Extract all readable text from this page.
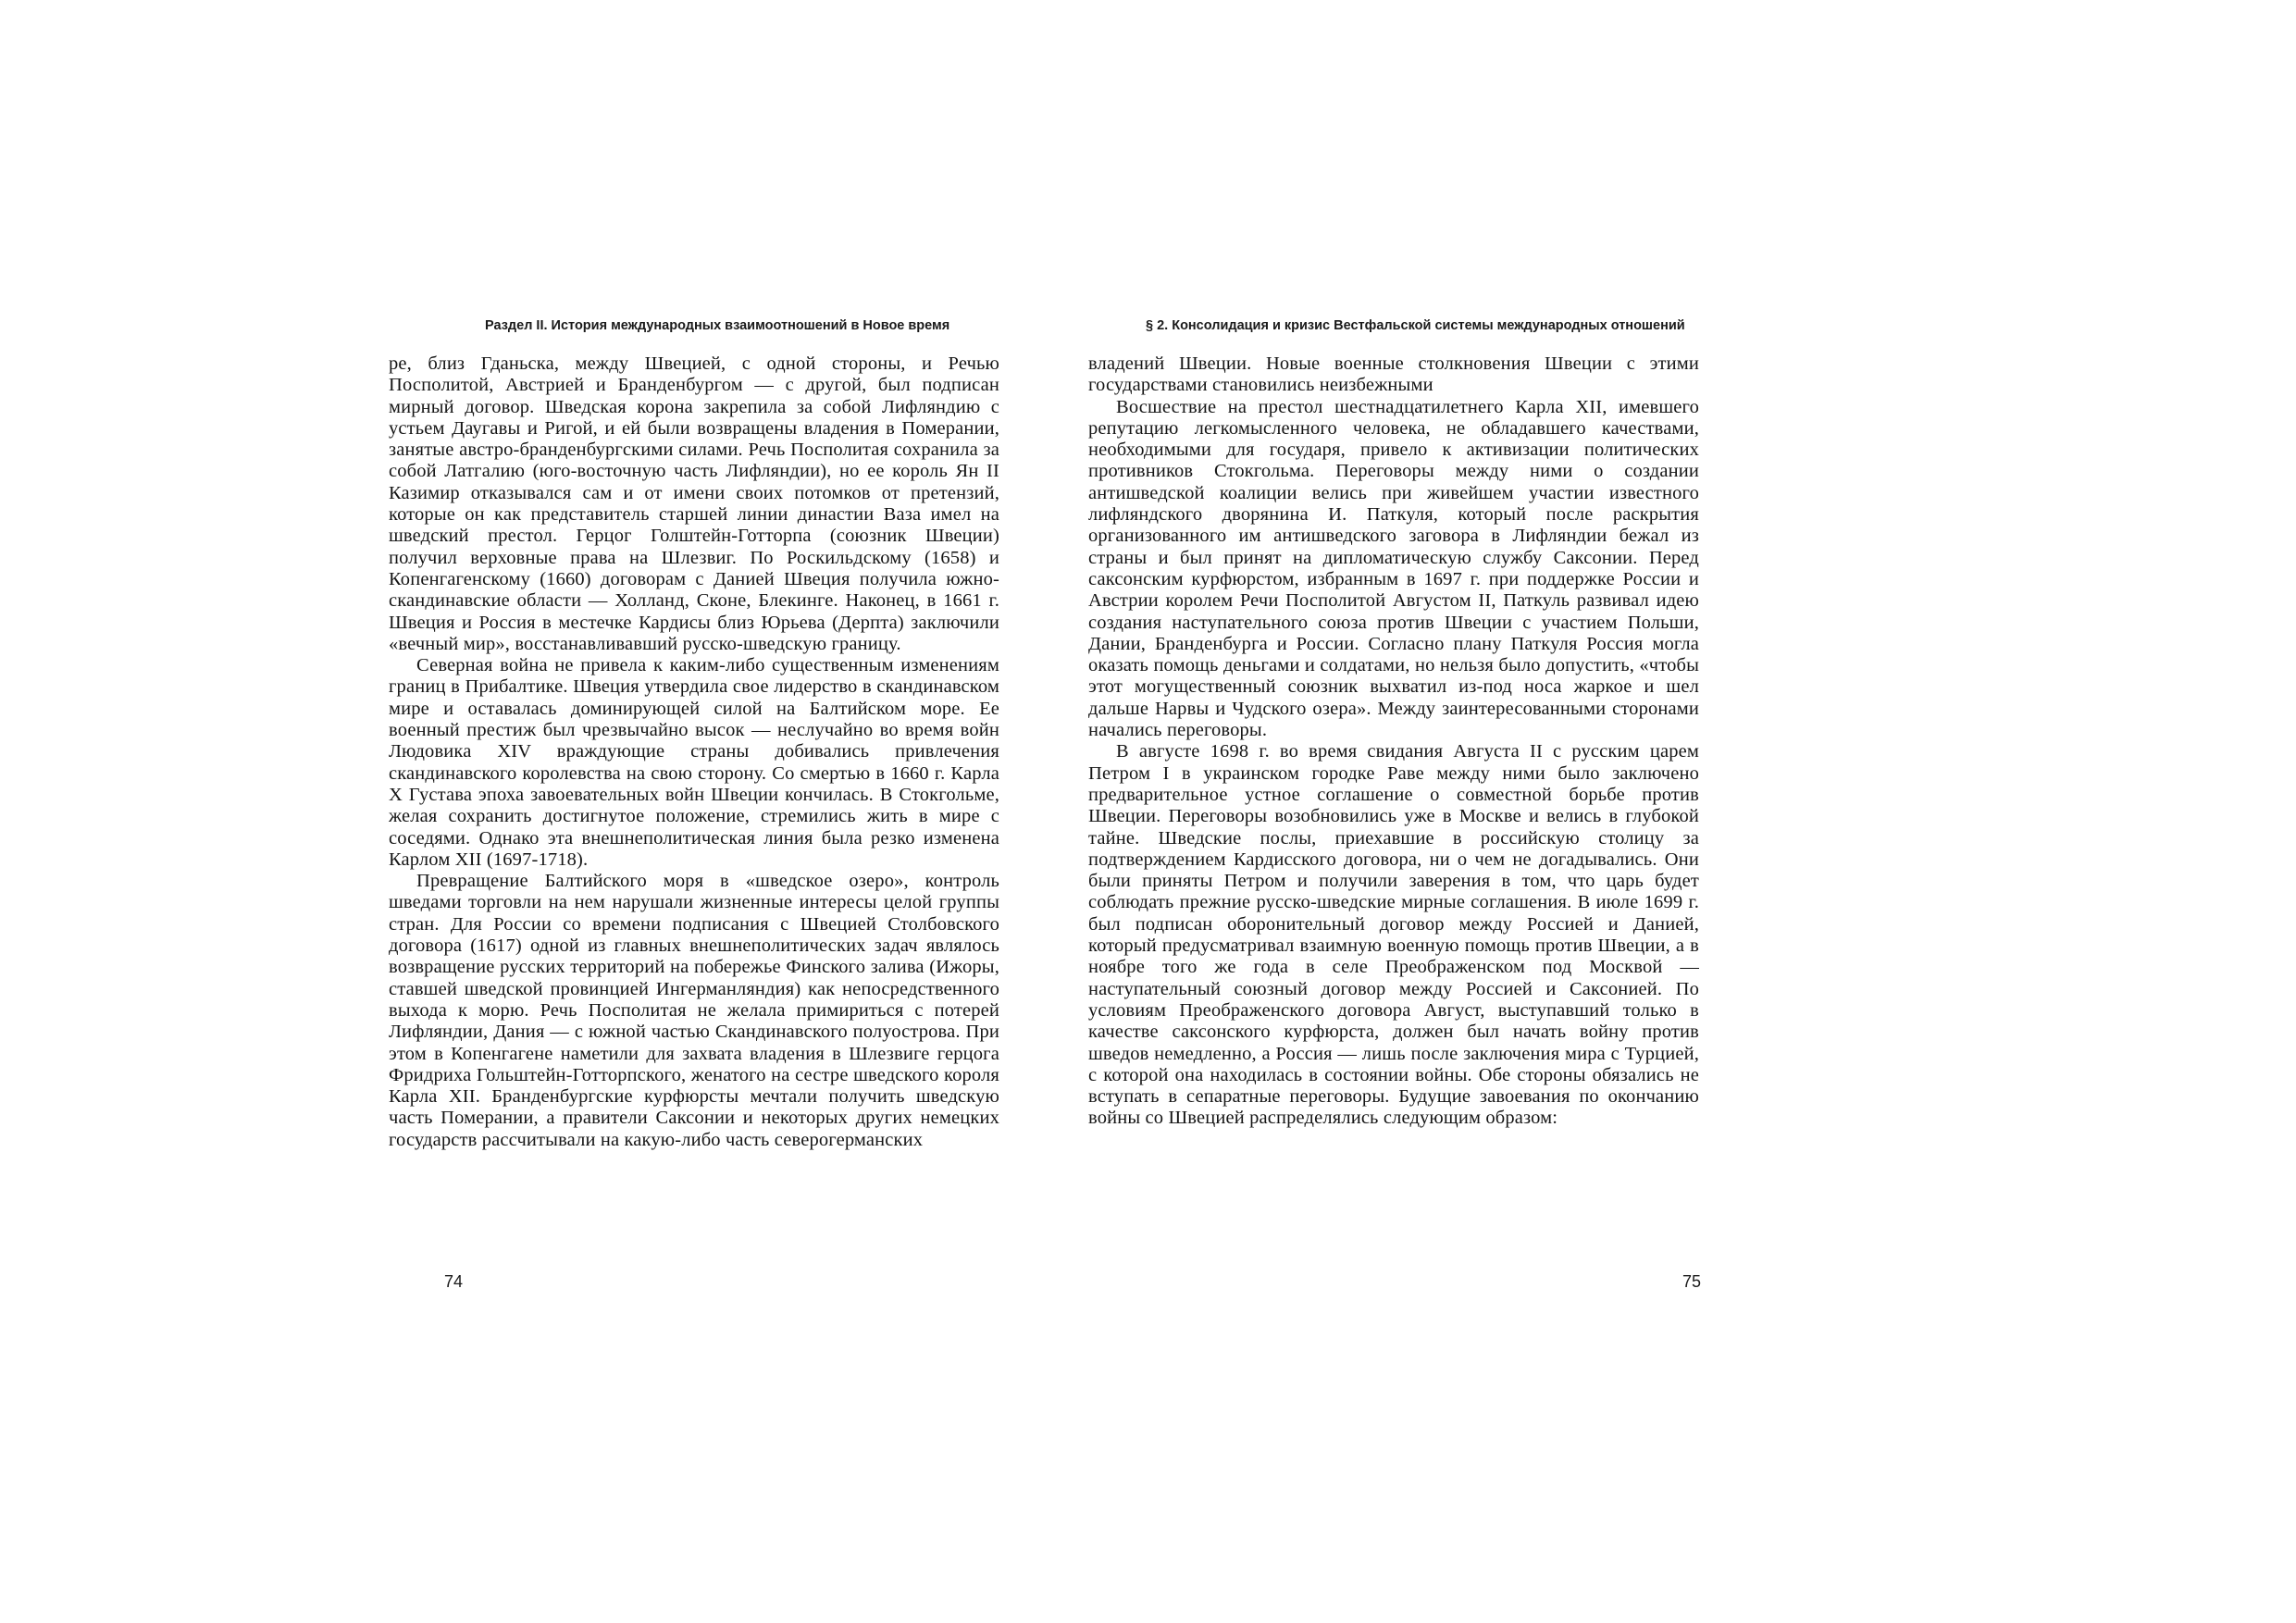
Раздел II. История международных взаимоотношений в Новое время

ре, близ Гданьска, между Швецией, с одной стороны, и Речью Посполитой, Австрией и Бранденбургом — с другой, был подписан мирный договор. Шведская корона закрепила за собой Лифляндию с устьем Даугавы и Ригой, и ей были возвращены владения в Померании, занятые австро-бранденбургскими силами. Речь Посполитая сохранила за собой Латгалию (юго-восточную часть Лифляндии), но ее король Ян II Казимир отказывался сам и от имени своих потомков от претензий, которые он как представитель старшей линии династии Ваза имел на шведский престол. Герцог Голштейн-Готторпа (союзник Швеции) получил верховные права на Шлезвиг. По Роскильдскому (1658) и Копенгагенскому (1660) договорам с Данией Швеция получила южно-скандинавские области — Холланд, Сконе, Блекинге. Наконец, в 1661 г. Швеция и Россия в местечке Кардисы близ Юрьева (Дерпта) заключили «вечный мир», восстанавливавший русско-шведскую границу.

Северная война не привела к каким-либо существенным изменениям границ в Прибалтике. Швеция утвердила свое лидерство в скандинавском мире и оставалась доминирующей силой на Балтийском море. Ее военный престиж был чрезвычайно высок — неслучайно во время войн Людовика XIV враждующие страны добивались привлечения скандинавского королевства на свою сторону. Со смертью в 1660 г. Карла X Густава эпоха завоевательных войн Швеции кончилась. В Стокгольме, желая сохранить достигнутое положение, стремились жить в мире с соседями. Однако эта внешнеполитическая линия была резко изменена Карлом XII (1697-1718).

Превращение Балтийского моря в «шведское озеро», контроль шведами торговли на нем нарушали жизненные интересы целой группы стран. Для России со времени подписания с Швецией Столбовского договора (1617) одной из главных внешнеполитических задач являлось возвращение русских территорий на побережье Финского залива (Ижоры, ставшей шведской провинцией Ингерманляндия) как непосредственного выхода к морю. Речь Посполитая не желала примириться с потерей Лифляндии, Дания — с южной частью Скандинавского полуострова. При этом в Копенгагене наметили для захвата владения в Шлезвиге герцога Фридриха Гольштейн-Готторпского, женатого на сестре шведского короля Карла XII. Бранденбургские курфюрсты мечтали получить шведскую часть Померании, а правители Саксонии и некоторых других немецких государств рассчитывали на какую-либо часть северогерманских

74
§ 2. Консолидация и кризис Вестфальской системы международных отношений

владений Швеции. Новые военные столкновения Швеции с этими государствами становились неизбежными

Восшествие на престол шестнадцатилетнего Карла XII, имевшего репутацию легкомысленного человека, не обладавшего качествами, необходимыми для государя, привело к активизации политических противников Стокгольма. Переговоры между ними о создании антишведской коалиции велись при живейшем участии известного лифляндского дворянина И. Паткуля, который после раскрытия организованного им антишведского заговора в Лифляндии бежал из страны и был принят на дипломатическую службу Саксонии. Перед саксонским курфюрстом, избранным в 1697 г. при поддержке России и Австрии королем Речи Посполитой Августом II, Паткуль развивал идею создания наступательного союза против Швеции с участием Польши, Дании, Бранденбурга и России. Согласно плану Паткуля Россия могла оказать помощь деньгами и солдатами, но нельзя было допустить, «чтобы этот могущественный союзник выхватил из-под носа жаркое и шел дальше Нарвы и Чудского озера». Между заинтересованными сторонами начались переговоры.

В августе 1698 г. во время свидания Августа II с русским царем Петром I в украинском городке Раве между ними было заключено предварительное устное соглашение о совместной борьбе против Швеции. Переговоры возобновились уже в Москве и велись в глубокой тайне. Шведские послы, приехавшие в российскую столицу за подтверждением Кардисского договора, ни о чем не догадывались. Они были приняты Петром и получили заверения в том, что царь будет соблюдать прежние русско-шведские мирные соглашения. В июле 1699 г. был подписан оборонительный договор между Россией и Данией, который предусматривал взаимную военную помощь против Швеции, а в ноябре того же года в селе Преображенском под Москвой — наступательный союзный договор между Россией и Саксонией. По условиям Преображенского договора Август, выступавший только в качестве саксонского курфюрста, должен был начать войну против шведов немедленно, а Россия — лишь после заключения мира с Турцией, с которой она находилась в состоянии войны. Обе стороны обязались не вступать в сепаратные переговоры. Будущие завоевания по окончанию войны со Швецией распределялись следующим образом:

75
